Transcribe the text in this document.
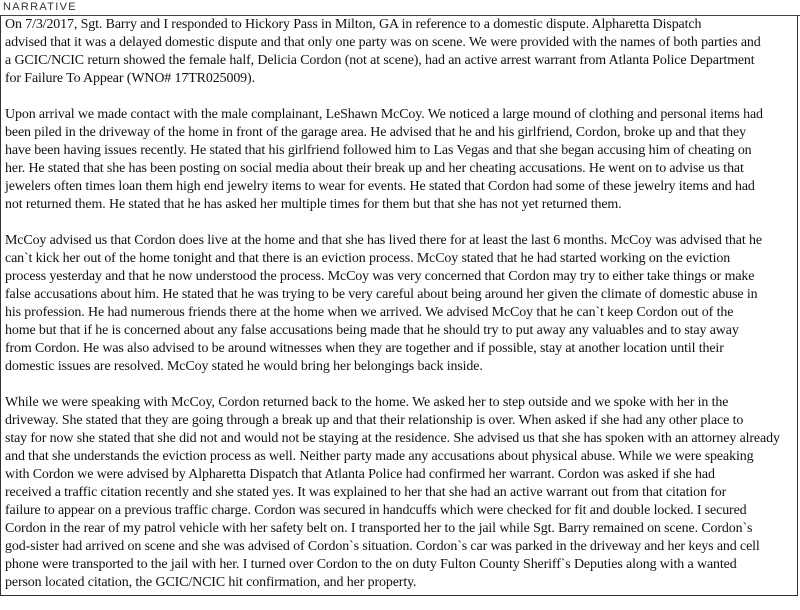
NARRATIVE
On 7/3/2017, Sgt. Barry and I responded to Hickory Pass in Milton, GA in reference to a domestic dispute. Alpharetta Dispatch
advised that it was a delayed domestic dispute and that only one party was on scene. We were provided with the names of both parties and
a GCIC/NCIC return showed the female half, Delicia Cordon (not at scene), had an active arrest warrant from Atlanta Police Department
for Failure To Appear (WNO# 17TR025009).
Upon arrival we made contact with the male complainant, LeShawn McCoy. We noticed a large mound of clothing and personal items had
been piled in the driveway of the home in front of the garage area. He advised that he and his girlfriend, Cordon, broke up and that they
have been having issues recently. He stated that his girlfriend followed him to Las Vegas and that she began accusing him of cheating on
her. He stated that she has been posting on social media about their break up and her cheating accusations. He went on to advise us that
jewelers often times loan them high end jewelry items to wear for events. He stated that Cordon had some of these jewelry items and had
not returned them. He stated that he has asked her multiple times for them but that she has not yet returned them.
McCoy advised us that Cordon does live at the home and that she has lived there for at least the last 6 months. McCoy was advised that he
can`t kick her out of the home tonight and that there is an eviction process. McCoy stated that he had started working on the eviction
process yesterday and that he now understood the process. McCoy was very concerned that Cordon may try to either take things or make
false accusations about him. He stated that he was trying to be very careful about being around her given the climate of domestic abuse in
his profession. He had numerous friends there at the home when we arrived. We advised McCoy that he can`t keep Cordon out of the
home but that if he is concerned about any false accusations being made that he should try to put away any valuables and to stay away
from Cordon. He was also advised to be around witnesses when they are together and if possible, stay at another location until their
domestic issues are resolved. McCoy stated he would bring her belongings back inside.
While we were speaking with McCoy, Cordon returned back to the home. We asked her to step outside and we spoke with her in the
driveway. She stated that they are going through a break up and that their relationship is over. When asked if she had any other place to
stay for now she stated that she did not and would not be staying at the residence. She advised us that she has spoken with an attorney already
and that she understands the eviction process as well. Neither party made any accusations about physical abuse. While we were speaking
with Cordon we were advised by Alpharetta Dispatch that Atlanta Police had confirmed her warrant. Cordon was asked if she had
received a traffic citation recently and she stated yes. It was explained to her that she had an active warrant out from that citation for
failure to appear on a previous traffic charge. Cordon was secured in handcuffs which were checked for fit and double locked. I secured
Cordon in the rear of my patrol vehicle with her safety belt on. I transported her to the jail while Sgt. Barry remained on scene. Cordon`s
god-sister had arrived on scene and she was advised of Cordon`s situation. Cordon`s car was parked in the driveway and her keys and cell
phone were transported to the jail with her. I turned over Cordon to the on duty Fulton County Sheriff`s Deputies along with a wanted
person located citation, the GCIC/NCIC hit confirmation, and her property.
